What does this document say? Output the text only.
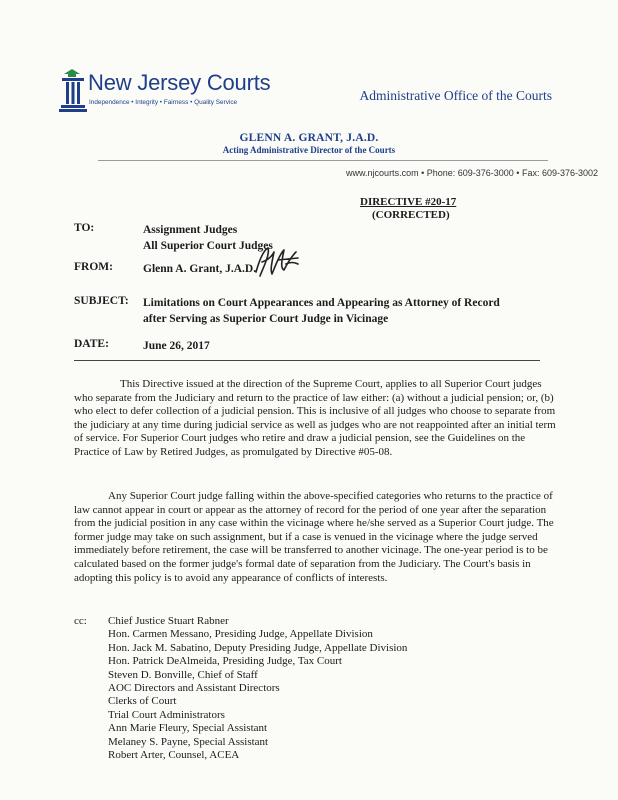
New Jersey Courts
Independence • Integrity • Fairness • Quality Service	Administrative Office of the Courts
GLENN A. GRANT, J.A.D.
Acting Administrative Director of the Courts
www.njcourts.com • Phone: 609-376-3000 • Fax: 609-376-3002
DIRECTIVE #20-17
(CORRECTED)
TO:	Assignment Judges
All Superior Court Judges
FROM:	Glenn A. Grant, J.A.D.
SUBJECT: Limitations on Court Appearances and Appearing as Attorney of Record
after Serving as Superior Court Judge in Vicinage
DATE:	June 26, 2017
This Directive issued at the direction of the Supreme Court, applies to all Superior Court judges who separate from the Judiciary and return to the practice of law either: (a) without a judicial pension; or, (b) who elect to defer collection of a judicial pension. This is inclusive of all judges who choose to separate from the judiciary at any time during judicial service as well as judges who are not reappointed after an initial term of service. For Superior Court judges who retire and draw a judicial pension, see the Guidelines on the Practice of Law by Retired Judges, as promulgated by Directive #05-08.
Any Superior Court judge falling within the above-specified categories who returns to the practice of law cannot appear in court or appear as the attorney of record for the period of one year after the separation from the judicial position in any case within the vicinage where he/she served as a Superior Court judge. The former judge may take on such assignment, but if a case is venued in the vicinage where the judge served immediately before retirement, the case will be transferred to another vicinage. The one-year period is to be calculated based on the former judge's formal date of separation from the Judiciary. The Court's basis in adopting this policy is to avoid any appearance of conflicts of interests.
cc: Chief Justice Stuart Rabner
Hon. Carmen Messano, Presiding Judge, Appellate Division
Hon. Jack M. Sabatino, Deputy Presiding Judge, Appellate Division
Hon. Patrick DeAlmeida, Presiding Judge, Tax Court
Steven D. Bonville, Chief of Staff
AOC Directors and Assistant Directors
Clerks of Court
Trial Court Administrators
Ann Marie Fleury, Special Assistant
Melaney S. Payne, Special Assistant
Robert Arter, Counsel, ACEA
